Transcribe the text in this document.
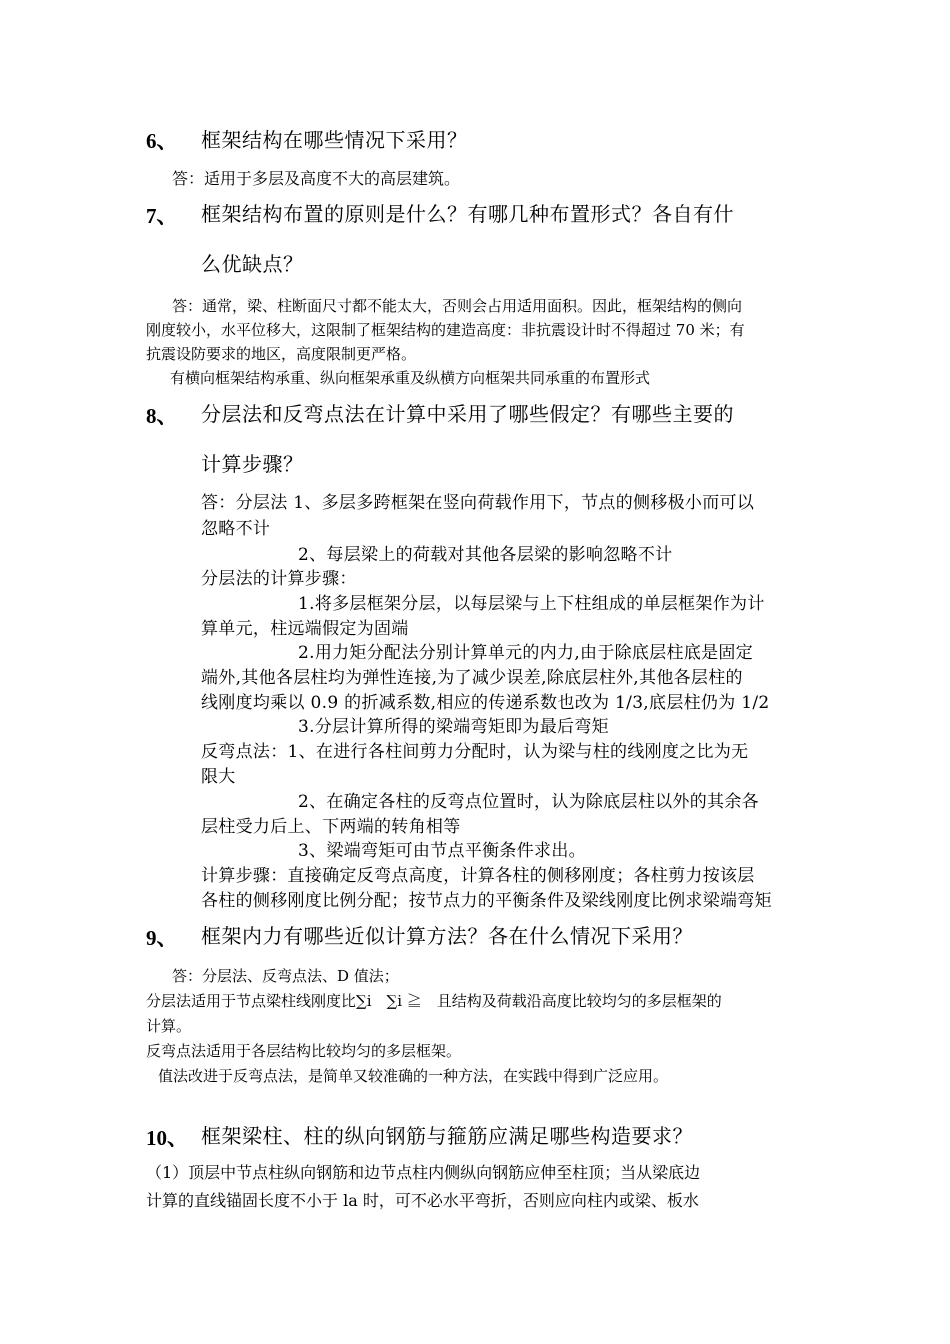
6、 框架结构在哪些情况下采用？
答：适用于多层及高度不大的高层建筑。
7、 框架结构布置的原则是什么？有哪几种布置形式？各自有什
么优缺点？
答：通常，梁、柱断面尺寸都不能太大，否则会占用适用面积。因此，框架结构的侧向
刚度较小，水平位移大，这限制了框架结构的建造高度：非抗震设计时不得超过 70 米；有
抗震设防要求的地区，高度限制更严格。
有横向框架结构承重、纵向框架承重及纵横方向框架共同承重的布置形式
8、 分层法和反弯点法在计算中采用了哪些假定？有哪些主要的
计算步骤？
答：分层法 1、多层多跨框架在竖向荷载作用下，节点的侧移极小而可以
忽略不计
2、每层梁上的荷载对其他各层梁的影响忽略不计
分层法的计算步骤：
1.将多层框架分层，以每层梁与上下柱组成的单层框架作为计
算单元，柱远端假定为固端
2.用力矩分配法分别计算单元的内力,由于除底层柱底是固定
端外,其他各层柱均为弹性连接,为了减少误差,除底层柱外,其他各层柱的
线刚度均乘以 0.9 的折减系数,相应的传递系数也改为 1/3,底层柱仍为 1/2
3.分层计算所得的梁端弯矩即为最后弯矩
反弯点法：1、在进行各柱间剪力分配时，认为梁与柱的线刚度之比为无
限大
2、在确定各柱的反弯点位置时，认为除底层柱以外的其余各
层柱受力后上、下两端的转角相等
3、梁端弯矩可由节点平衡条件求出。
计算步骤：直接确定反弯点高度，计算各柱的侧移刚度；各柱剪力按该层
各柱的侧移刚度比例分配；按节点力的平衡条件及梁线刚度比例求梁端弯矩
9、 框架内力有哪些近似计算方法？各在什么情况下采用？
答：分层法、反弯点法、D 值法；
分层法适用于节点梁柱线刚度比∑i　∑i ≧　且结构及荷载沿高度比较均匀的多层框架的
计算。
反弯点法适用于各层结构比较均匀的多层框架。
值法改进于反弯点法，是简单又较准确的一种方法，在实践中得到广泛应用。
10、 框架梁柱、柱的纵向钢筋与箍筋应满足哪些构造要求？
（1）顶层中节点柱纵向钢筋和边节点柱内侧纵向钢筋应伸至柱顶；当从梁底边
计算的直线锚固长度不小于 la 时，可不必水平弯折，否则应向柱内或梁、板水
